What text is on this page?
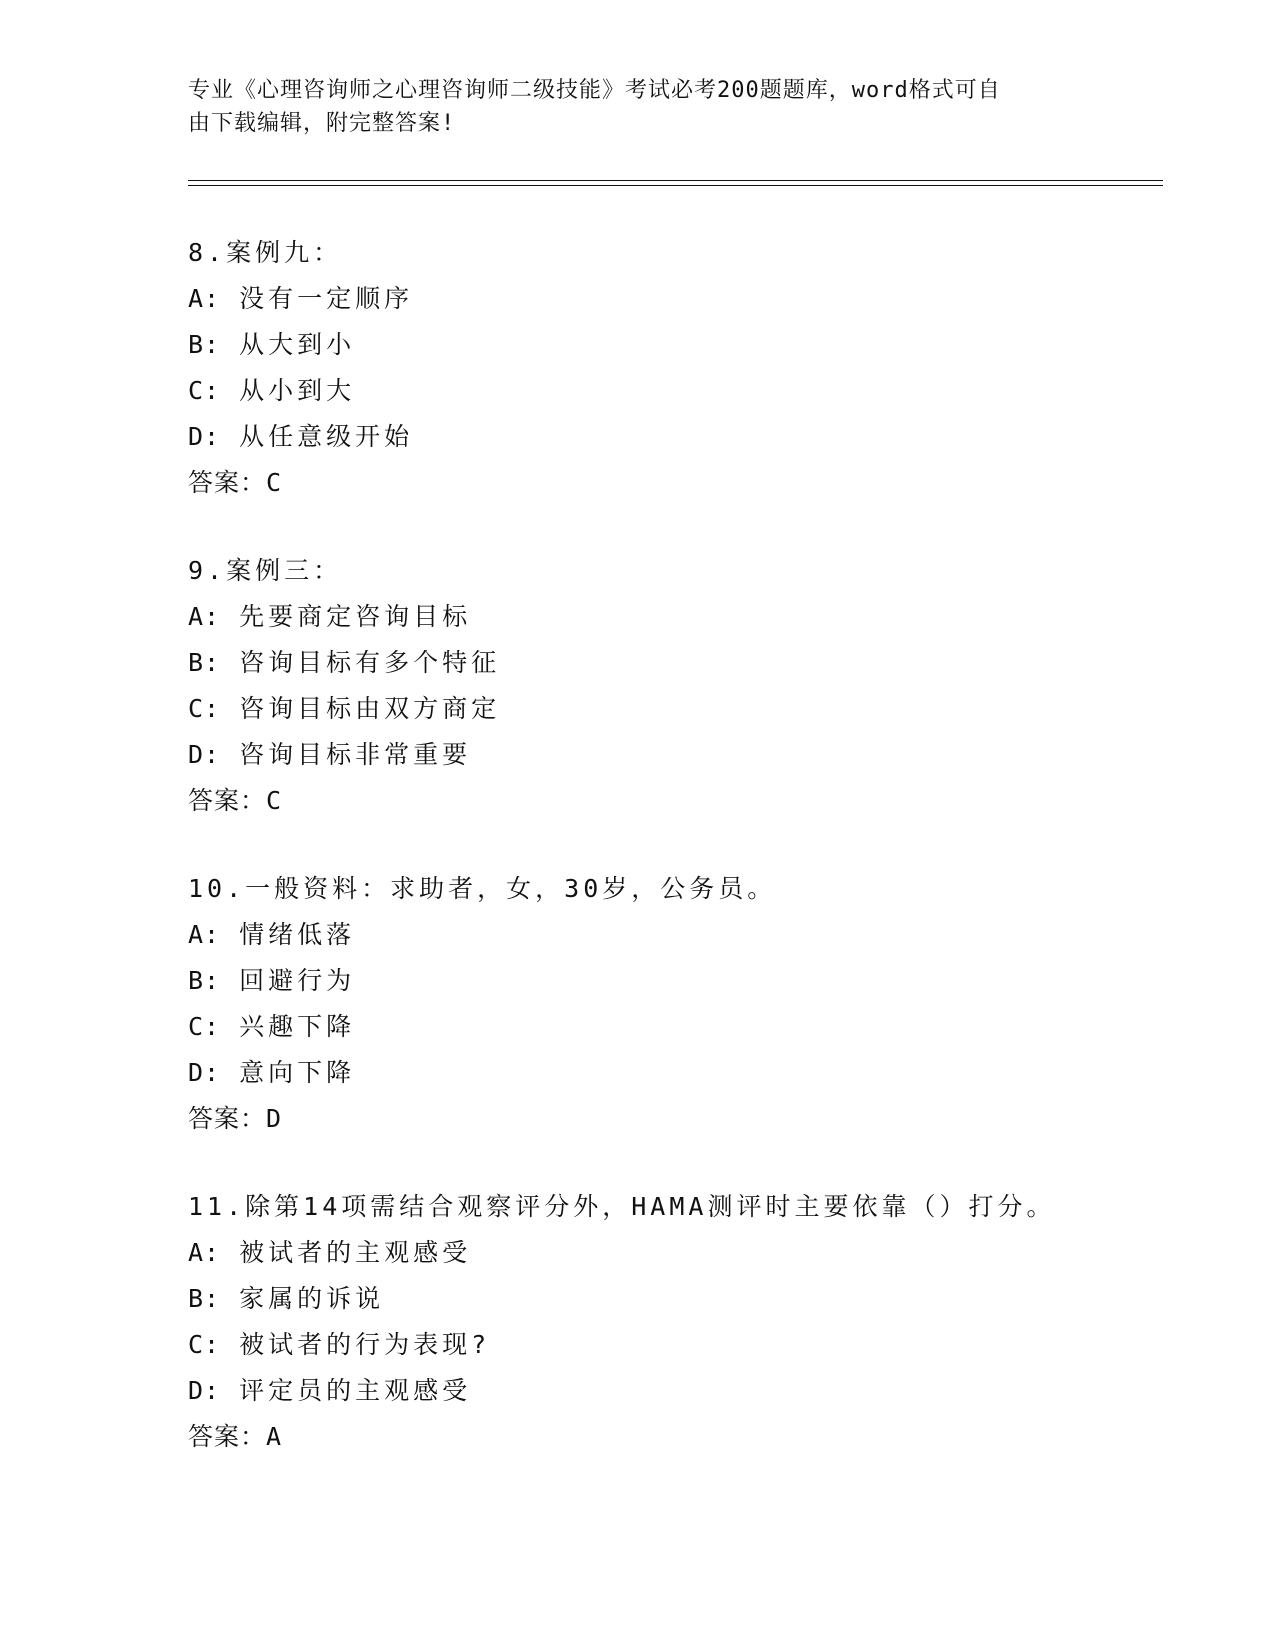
专业《心理咨询师之心理咨询师二级技能》考试必考200题题库，word格式可自
由下载编辑，附完整答案!
8.案例九：
A: 没有一定顺序
B: 从大到小
C: 从小到大
D: 从任意级开始
答案：C
9.案例三：
A: 先要商定咨询目标
B: 咨询目标有多个特征
C: 咨询目标由双方商定
D: 咨询目标非常重要
答案：C
10.一般资料：求助者，女，30岁，公务员。
A: 情绪低落
B: 回避行为
C: 兴趣下降
D: 意向下降
答案：D
11.除第14项需结合观察评分外，HAMA测评时主要依靠（）打分。
A: 被试者的主观感受
B: 家属的诉说
C: 被试者的行为表现?
D: 评定员的主观感受
答案：A
